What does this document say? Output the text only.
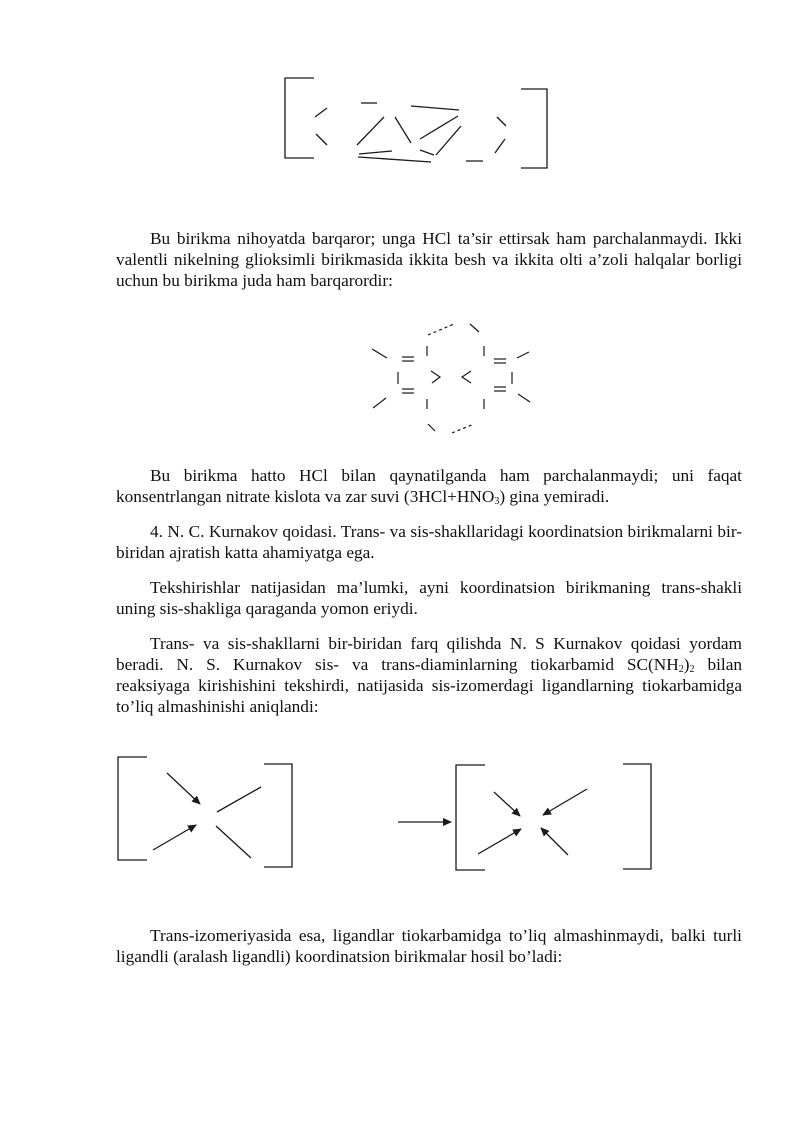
Bu birikma nihoyatda barqaror; unga HCl ta’sir ettirsak ham parchalanmaydi. Ikki valentli nikelning glioksimli birikmasida ikkita besh va ikkita olti a’zoli halqalar borligi uchun bu birikma juda ham barqarordir:

Bu birikma hatto HCl bilan qaynatilganda ham parchalanmaydi; uni faqat konsentrlangan nitrate kislota va zar suvi $(3HCl+HNO_3)$ gina yemiradi.

4. N. C. Kurnakov qoidasi. Trans- va sis-shakllaridagi koordinatsion birikmalarni bir-biridan ajratish katta ahamiyatga ega.

Tekshirishlar natijasidan ma’lumki, ayni koordinatsion birikmaning trans-shakli uning sis-shakliga qaraganda yomon eriydi.

Trans- va sis-shakllarni bir-biridan farq qilishda N. S Kurnakov qoidasi yordam beradi. N. S. Kurnakov sis- va trans-diaminlarning tiokarbamid $SC(NH_2)_2$ bilan reaksiyaga kirishishini tekshirdi, natijasida sis-izomerdagi ligandlarning tiokarbamidga to’liq almashinishi aniqlandi:

Trans-izomeriyasida esa, ligandlar tiokarbamidga to’liq almashinmaydi, balki turli ligandli (aralash ligandli) koordinatsion birikmalar hosil bo’ladi:
